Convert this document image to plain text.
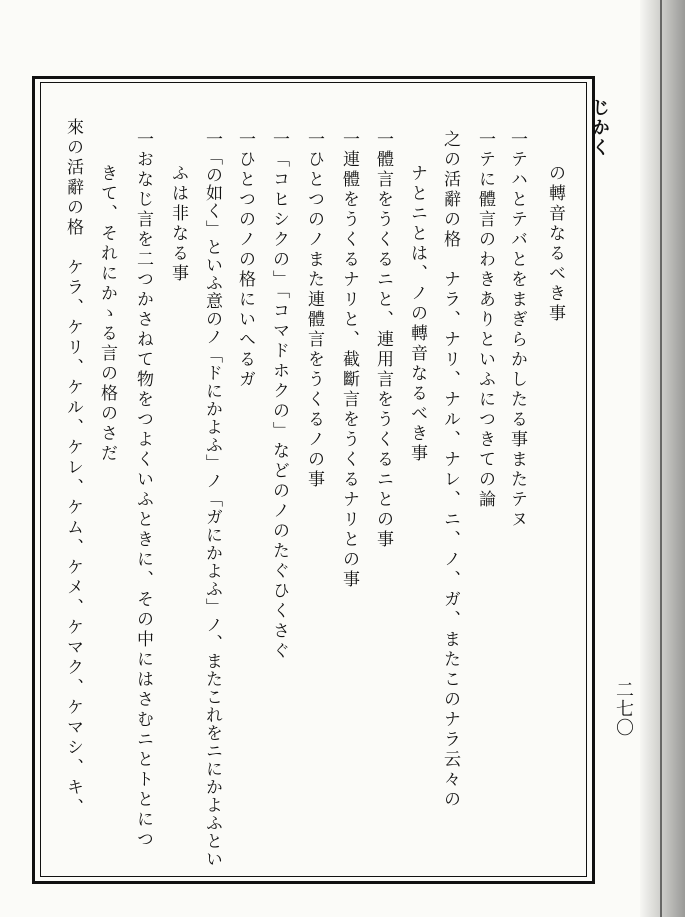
じかく
二七〇
の轉音なるべき事
一テハとテバとをまぎらかしたる事またテヌ
一テに體言のわきありといふにつきての論
之の活辭の格　ナラ、ナリ、ナル、ナレ、ニ、ノ、ガ、またこのナラ云々の
ナとニとは、ノの轉音なるべき事
一體言をうくるニと、連用言をうくるニとの事
一連體をうくるナリと、截斷言をうくるナリとの事
一ひとつのノまた連體言をうくるノの事
一「コヒシクの」「コマドホクの」などのノのたぐひくさぐ
一ひとつのノの格にいへるガ
一「の如く」といふ意のノ「ドにかよふ」ノ「ガにかよふ」ノ、またこれをニにかよふとい
ふは非なる事
一おなじ言を二つかさねて物をつよくいふときに、その中にはさむニとトとにつ
きて、それにかゝる言の格のさだ
來の活辭の格　ケラ、ケリ、ケル、ケレ、ケム、ケメ、ケマク、ケマシ、キ、
